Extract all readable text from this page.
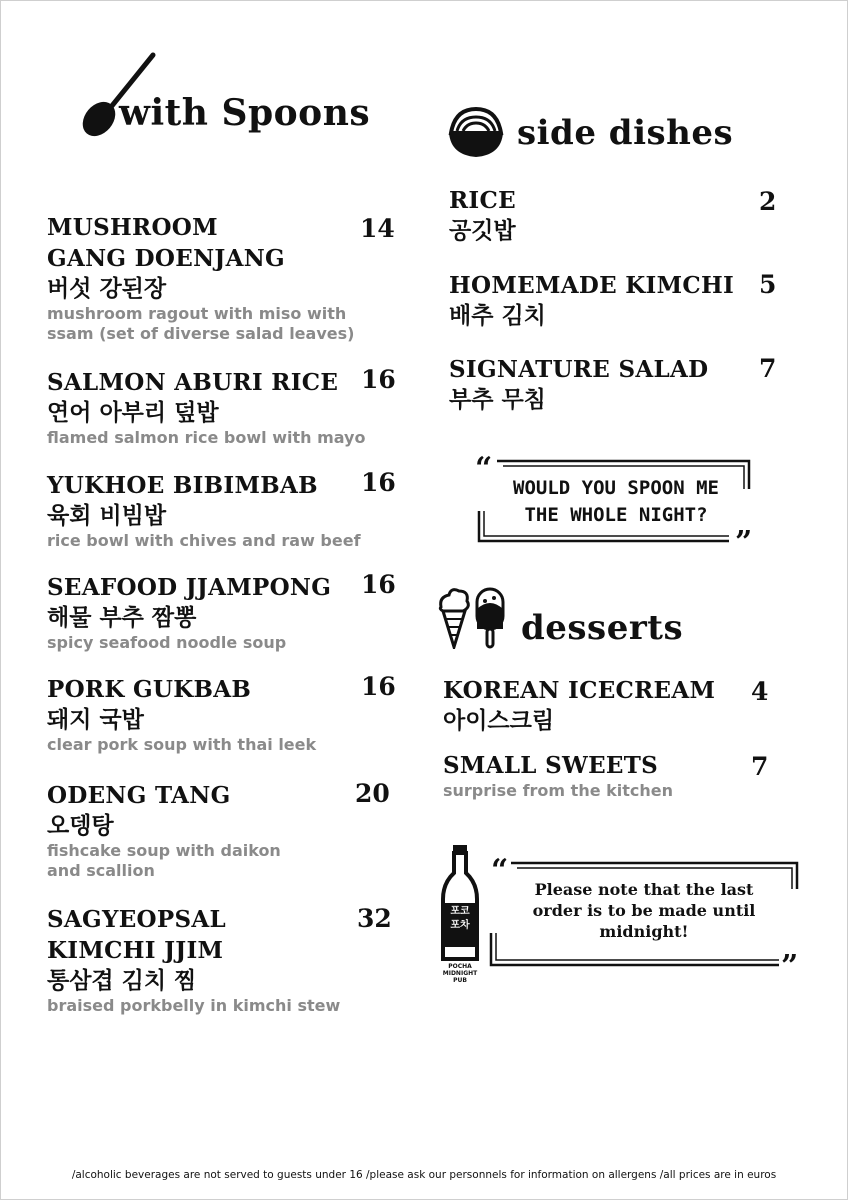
with Spoons
MUSHROOM
GANG DOENJANG
버섯 강된장
mushroom ragout with miso with ssam (set of diverse salad leaves)
14
SALMON ABURI RICE
연어 아부리 덮밥
flamed salmon rice bowl with mayo
16
YUKHOE BIBIMBAB
육회 비빔밥
rice bowl with chives and raw beef
16
SEAFOOD JJAMPONG
해물 부추 짬뽕
spicy seafood noodle soup
16
PORK GUKBAB
돼지 국밥
clear pork soup with thai leek
16
ODENG TANG
오뎅탕
fishcake soup with daikon and scallion
20
SAGYEOPSAL
KIMCHI JJIM
통삼겹 김치 찜
braised porkbelly in kimchi stew
32
side dishes
RICE
공깃밥
2
HOMEMADE KIMCHI
배추 김치
5
SIGNATURE SALAD
부추 무침
7
“
”
WOULD YOU SPOON ME
THE WHOLE NIGHT?
desserts
KOREAN ICECREAM
아이스크림
4
SMALL SWEETS
surprise from the kitchen
7
포코 포차
POCHA MIDNIGHT PUB
“
”
Please note that the last order is to be made until midnight!
/alcoholic beverages are not served to guests under 16 /please ask our personnels for information on allergens /all prices are in euros
